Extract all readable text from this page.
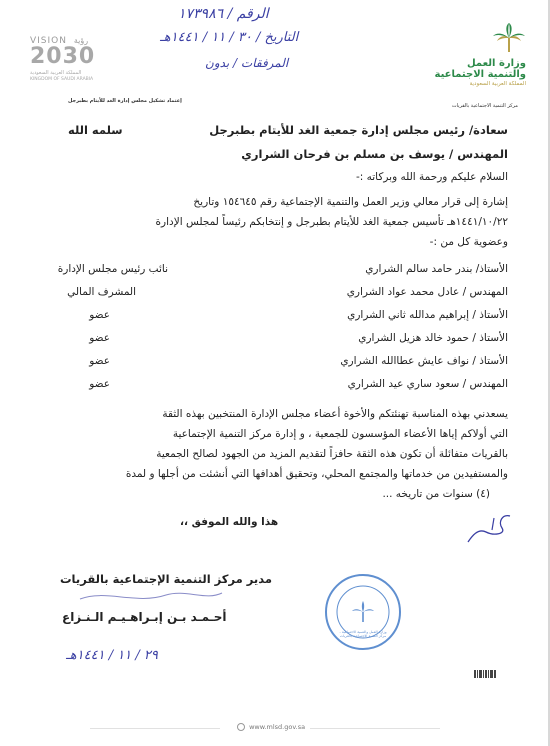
وزارة العمل
والتنمية الاجتماعية
المملكة العربية السعودية
مركز التنمية الاجتماعية بالقريات
VISION رؤية
2030
المملكة العربية السعودية
KINGDOM OF SAUDI ARABIA
إعتماد تشكيل مجلس إدارة الغد للأيتام بطبرجل
الرقم / ١٧٣٩٨٦
التاريخ / ٣٠ / ١١ / ١٤٤١هـ
المرفقات / بدون
سعادة/ رئيس مجلس إدارة جمعية الغد للأيتام بطبرجل
سلمه الله
المهندس / يوسف بن مسلم بن فرحان الشراري
السلام عليكم ورحمة الله وبركاته :-
إشارة إلى قرار معالي وزير العمل والتنمية الإجتماعية رقم ١٥٤٦٤٥ وتاريخ
١٤٤١/١٠/٢٢هـ تأسيس جمعية الغد للأيتام بطبرجل و إنتخابكم رئيساً لمجلس الإدارة
وعضوية كل من :-
الأستاذ/ بندر حامد سالم الشراري
نائب رئيس مجلس الإدارة
المهندس / عادل محمد عواد الشراري
المشرف المالي
الأستاذ / إبراهيم مدالله ثاني الشراري
عضو
الأستاذ / حمود خالد هزيل الشراري
عضو
الأستاذ / نواف عايش عطاالله الشراري
عضو
المهندس / سعود ساري عيد الشراري
عضو
يسعدني بهذه المناسبة تهنئتكم والأخوة أعضاء مجلس الإدارة المنتخبين بهذه الثقة
التي أولاكم إياها الأعضاء المؤسسون للجمعية ، و إدارة مركز التنمية الإجتماعية
بالقريات متفائلة أن تكون هذه الثقة حافزاً لتقديم المزيد من الجهود لصالح الجمعية
والمستفيدين من خدماتها والمجتمع المحلي، وتحقيق أهدافها التي أنشئت من أجلها و لمدة
(٤) سنوات من تاريخه ...
هذا والله الموفق ،،
مدير مركز التنمية الإجتماعية بالقريات
أحـمـد بـن إبـراهـيـم الـنـزاع
٢٩ / ١١ / ١٤٤١هـ
وزارة العمل والتنمية الاجتماعية - مركز التنمية الاجتماعية بالقريات
www.mlsd.gov.sa
